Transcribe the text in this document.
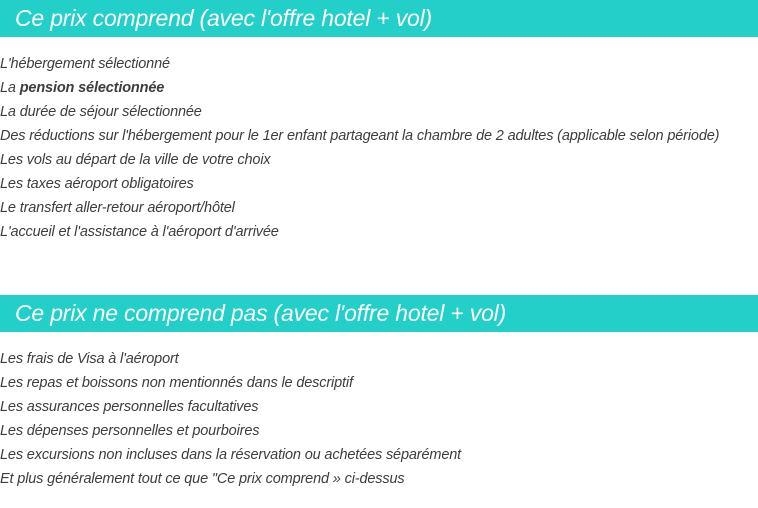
Ce prix comprend (avec l'offre hotel + vol)
L'hébergement sélectionné
La pension sélectionnée
La durée de séjour sélectionnée
Des réductions sur l'hébergement pour le 1er enfant partageant la chambre de 2 adultes (applicable selon période)
Les vols au départ de la ville de votre choix
Les taxes aéroport obligatoires
Le transfert aller-retour aéroport/hôtel
L'accueil et l'assistance à l'aéroport d'arrivée
Ce prix ne comprend pas (avec l'offre hotel + vol)
Les frais de Visa à l'aéroport
Les repas et boissons non mentionnés dans le descriptif
Les assurances personnelles facultatives
Les dépenses personnelles et pourboires
Les excursions non incluses dans la réservation ou achetées séparément
Et plus généralement tout ce que "Ce prix comprend » ci-dessus
